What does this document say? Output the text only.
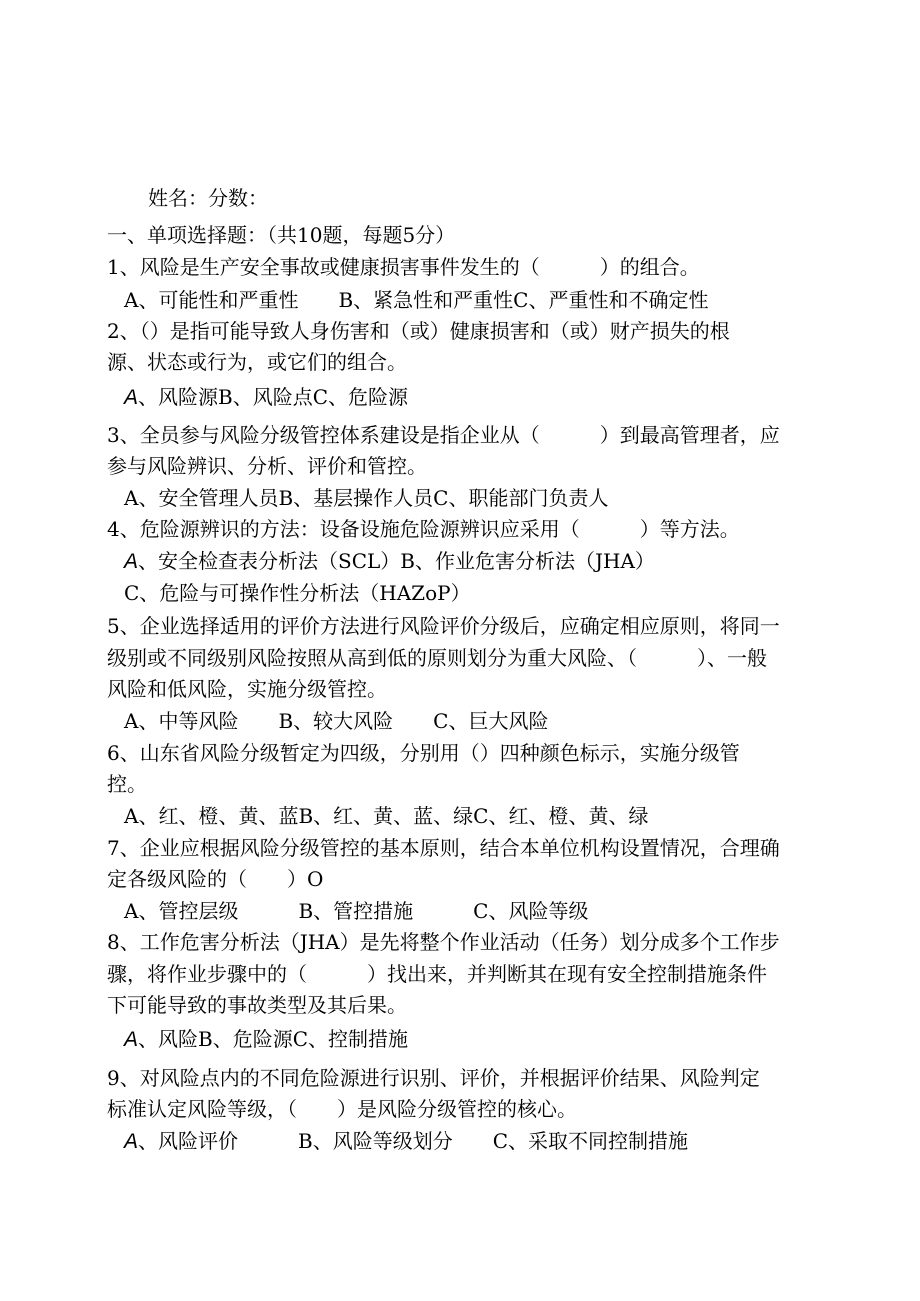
姓名：分数：
一、单项选择题：（共10题，每题5分）
1、风险是生产安全事故或健康损害事件发生的（　　　）的组合。
A、可能性和严重性　　B、紧急性和严重性C、严重性和不确定性
2、（）是指可能导致人身伤害和（或）健康损害和（或）财产损失的根
源、状态或行为，或它们的组合。
A、风险源B、风险点C、危险源
3、全员参与风险分级管控体系建设是指企业从（　　　）到最高管理者，应
参与风险辨识、分析、评价和管控。
A、安全管理人员B、基层操作人员C、职能部门负责人
4、危险源辨识的方法：设备设施危险源辨识应采用（　　　）等方法。
A、安全检查表分析法（SCL）B、作业危害分析法（JHA）
C、危险与可操作性分析法（HAZoP）
5、企业选择适用的评价方法进行风险评价分级后，应确定相应原则，将同一
级别或不同级别风险按照从高到低的原则划分为重大风险、（　　　）、一般
风险和低风险，实施分级管控。
A、中等风险　　B、较大风险　　C、巨大风险
6、山东省风险分级暂定为四级，分别用（）四种颜色标示，实施分级管
控。
A、红、橙、黄、蓝B、红、黄、蓝、绿C、红、橙、黄、绿
7、企业应根据风险分级管控的基本原则，结合本单位机构设置情况，合理确
定各级风险的（　　）O
A、管控层级　　　B、管控措施　　　C、风险等级
8、工作危害分析法（JHA）是先将整个作业活动（任务）划分成多个工作步
骤，将作业步骤中的（　　　）找出来，并判断其在现有安全控制措施条件
下可能导致的事故类型及其后果。
A、风险B、危险源C、控制措施
9、对风险点内的不同危险源进行识别、评价，并根据评价结果、风险判定
标准认定风险等级，（　　）是风险分级管控的核心。
A、风险评价　　　B、风险等级划分　　C、采取不同控制措施
